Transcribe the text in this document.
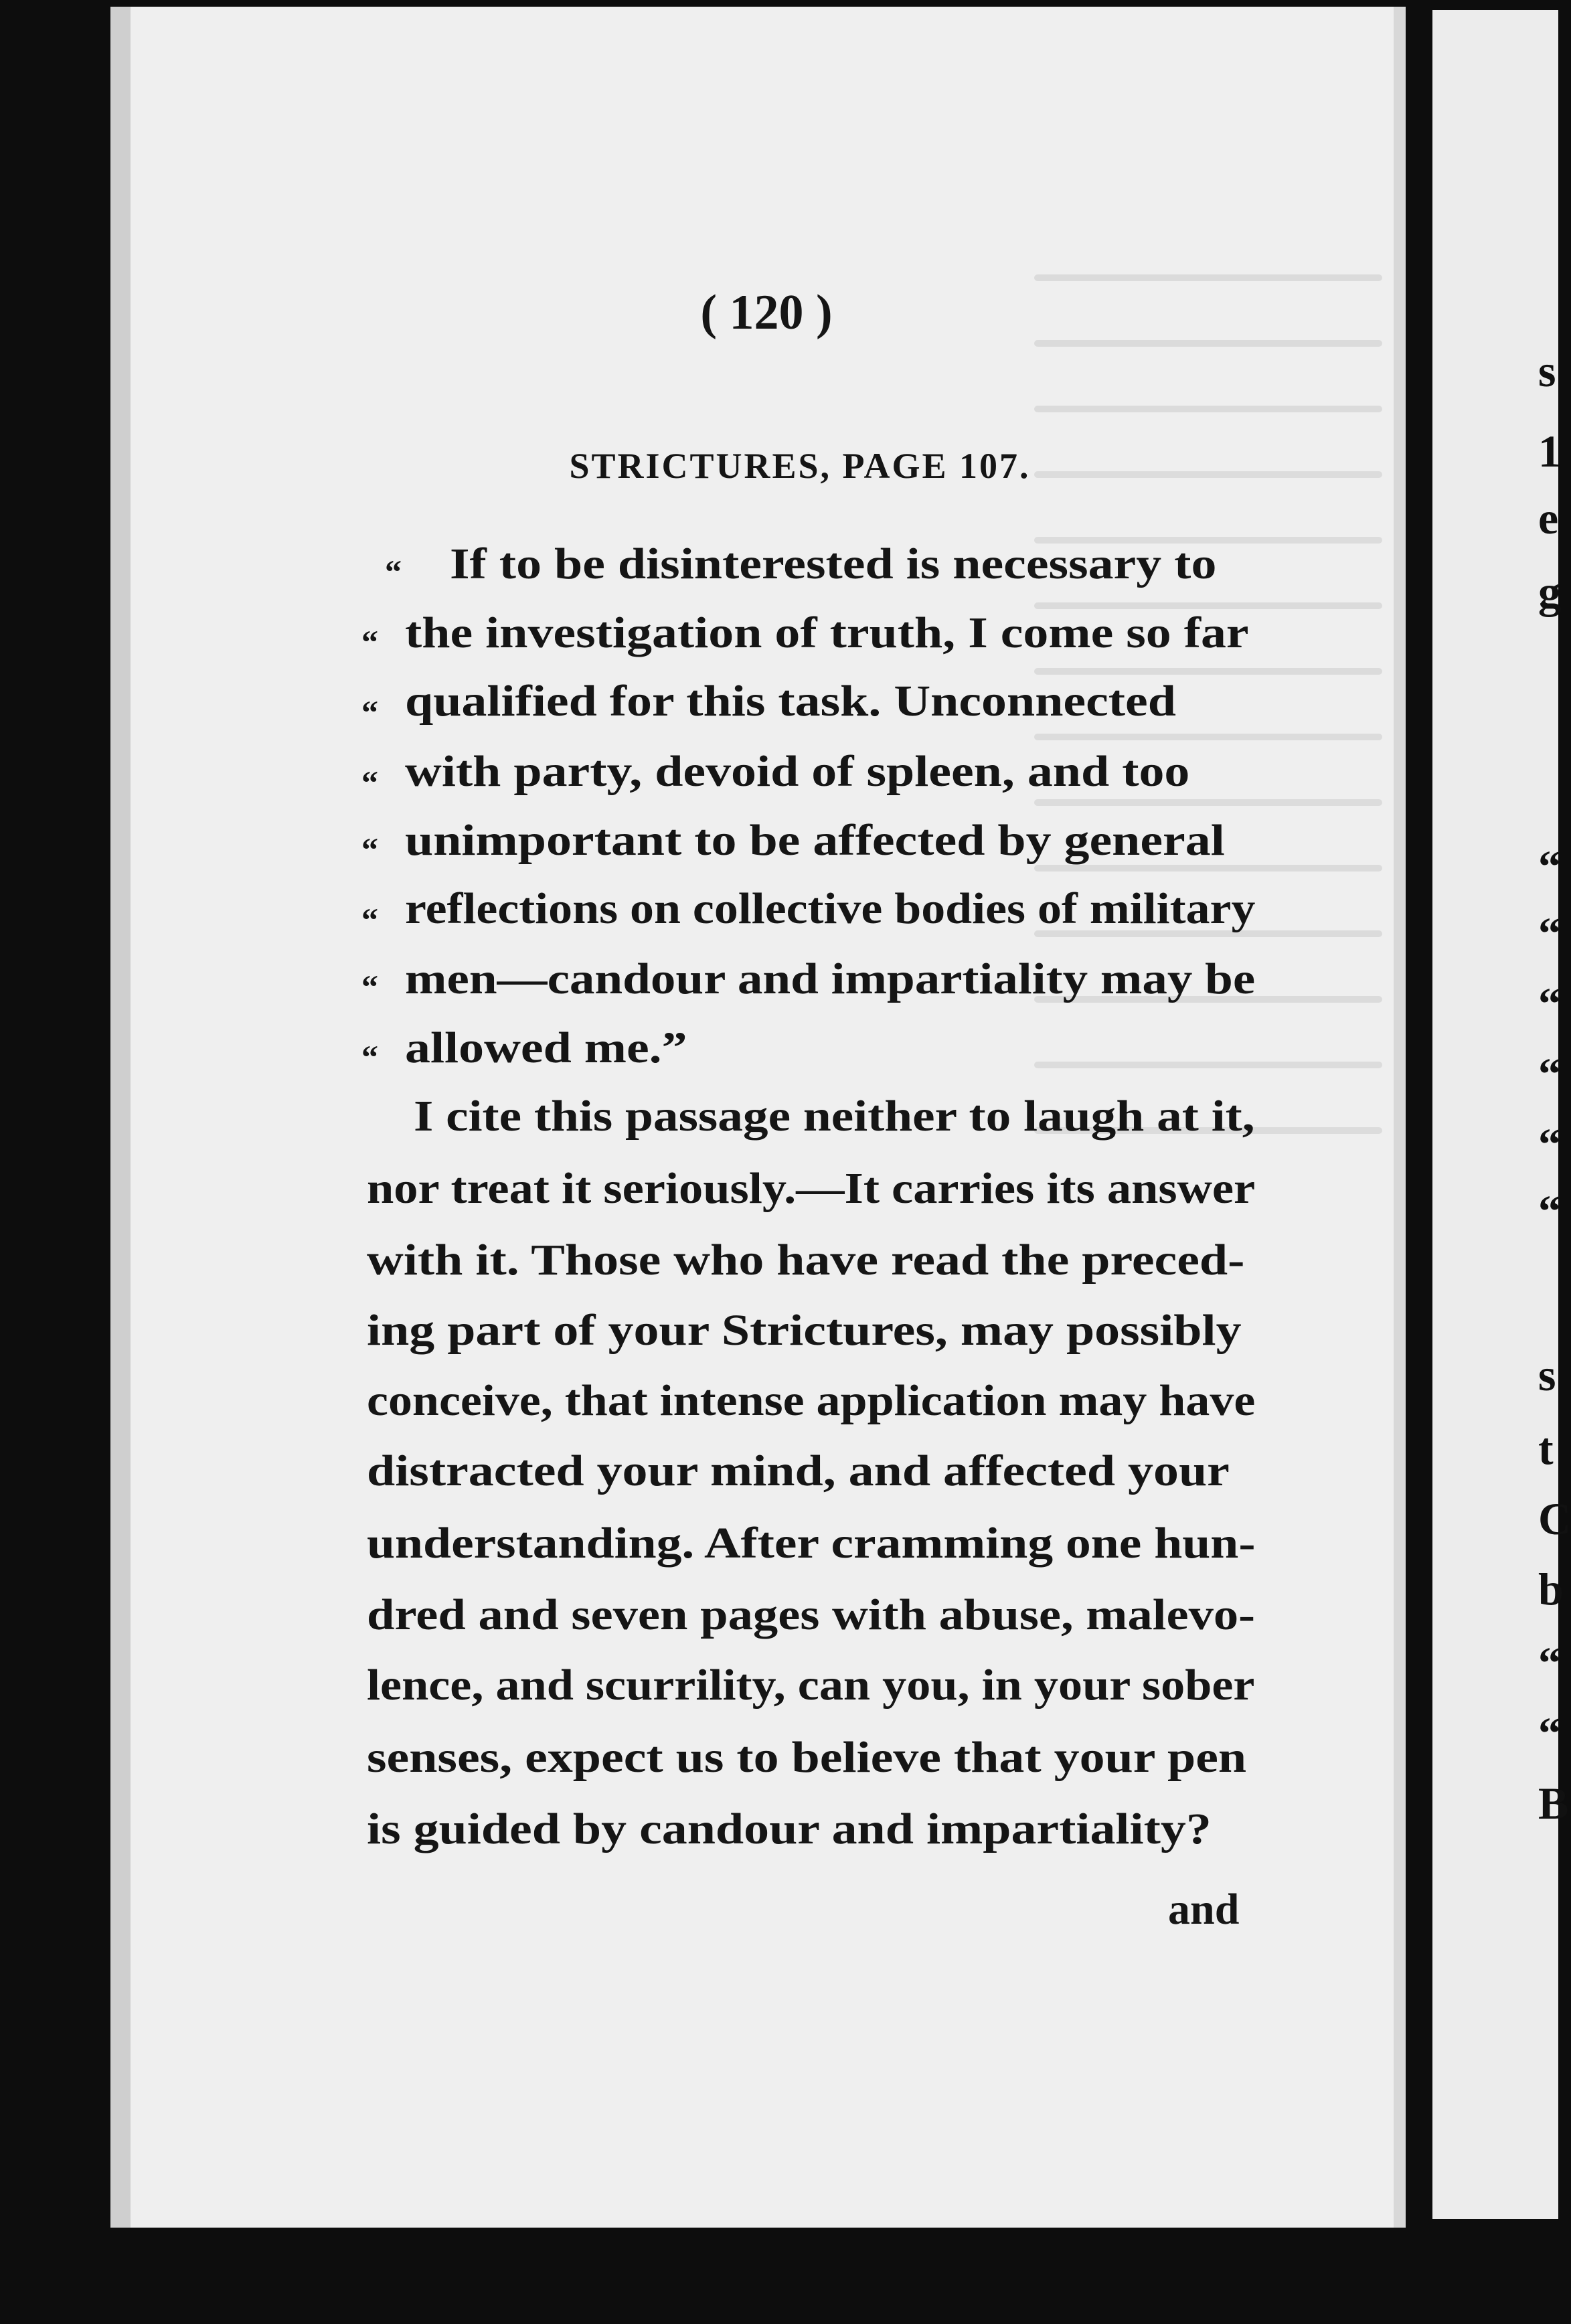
s
1
e
g
“
“
“
“
“
“
s
t
C
b
“
“
B
( 120 )
STRICTURES, PAGE 107.
“ If to be disinterested is necessary to
“ the investigation of truth, I come so far
“ qualified for this task. Unconnected
“ with party, devoid of spleen, and too
“ unimportant to be affected by general
“ reflections on collective bodies of military
“ men—candour and impartiality may be
“ allowed me.”
I cite this passage neither to laugh at it,
nor treat it seriously.—It carries its answer
with it. Those who have read the preced-
ing part of your Strictures, may possibly
conceive, that intense application may have
distracted your mind, and affected your
understanding. After cramming one hun-
dred and seven pages with abuse, malevo-
lence, and scurrility, can you, in your sober
senses, expect us to believe that your pen
is guided by candour and impartiality?
and
